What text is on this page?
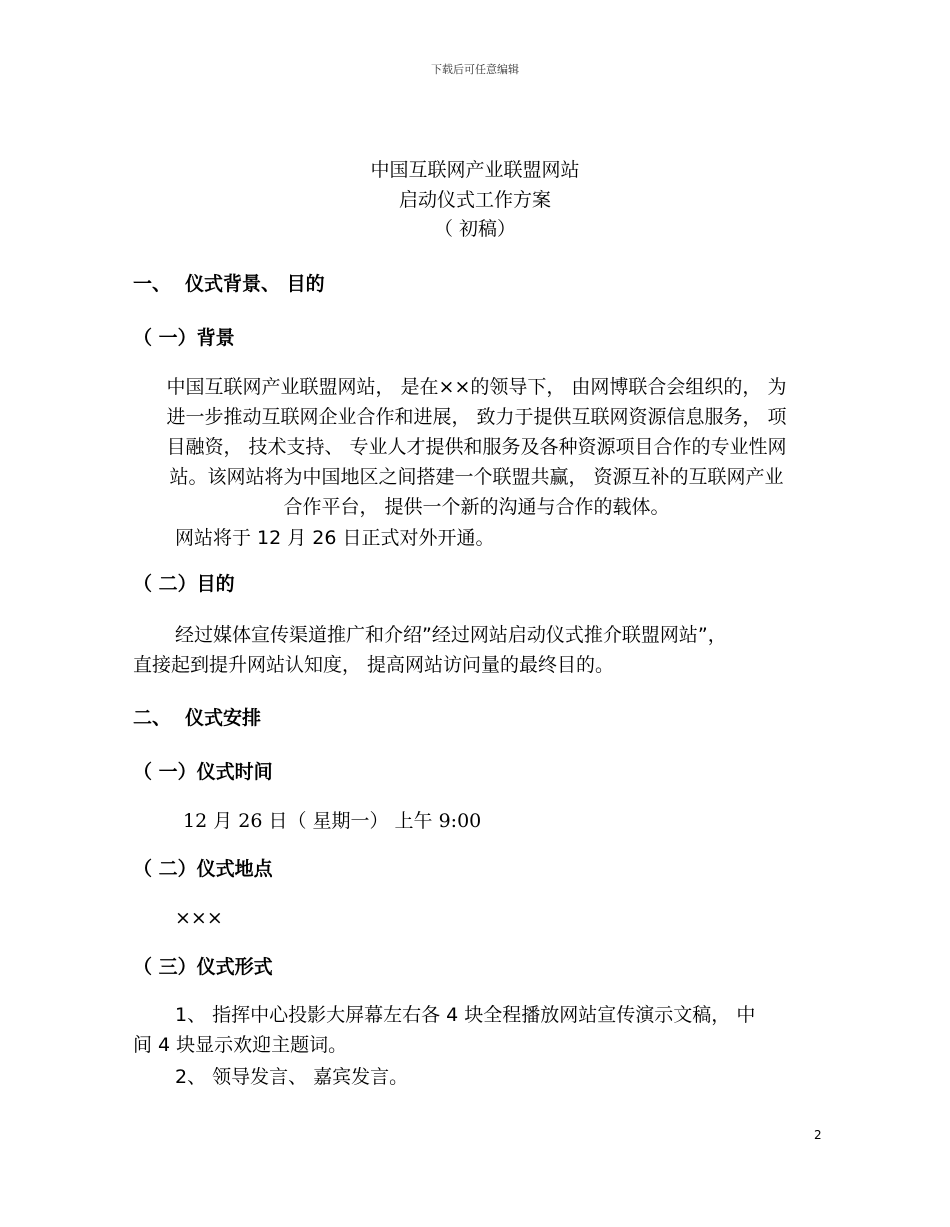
下载后可任意编辑
中国互联网产业联盟网站
启动仪式工作方案
（ 初稿）
一、 仪式背景、 目的
（ 一）背景
中国互联网产业联盟网站， 是在××的领导下， 由网博联合会组织的， 为
进一步推动互联网企业合作和进展， 致力于提供互联网资源信息服务， 项
目融资， 技术支持、 专业人才提供和服务及各种资源项目合作的专业性网
站。该网站将为中国地区之间搭建一个联盟共赢， 资源互补的互联网产业
合作平台， 提供一个新的沟通与合作的载体。
网站将于 12 月 26 日正式对外开通。
（ 二）目的
经过媒体宣传渠道推广和介绍”经过网站启动仪式推介联盟网站”，
直接起到提升网站认知度， 提高网站访问量的最终目的。
二、 仪式安排
（ 一）仪式时间
12 月 26 日（ 星期一） 上午 9:00
（ 二）仪式地点
×××
（ 三）仪式形式
1、 指挥中心投影大屏幕左右各 4 块全程播放网站宣传演示文稿， 中
间 4 块显示欢迎主题词。
2、 领导发言、 嘉宾发言。
2
